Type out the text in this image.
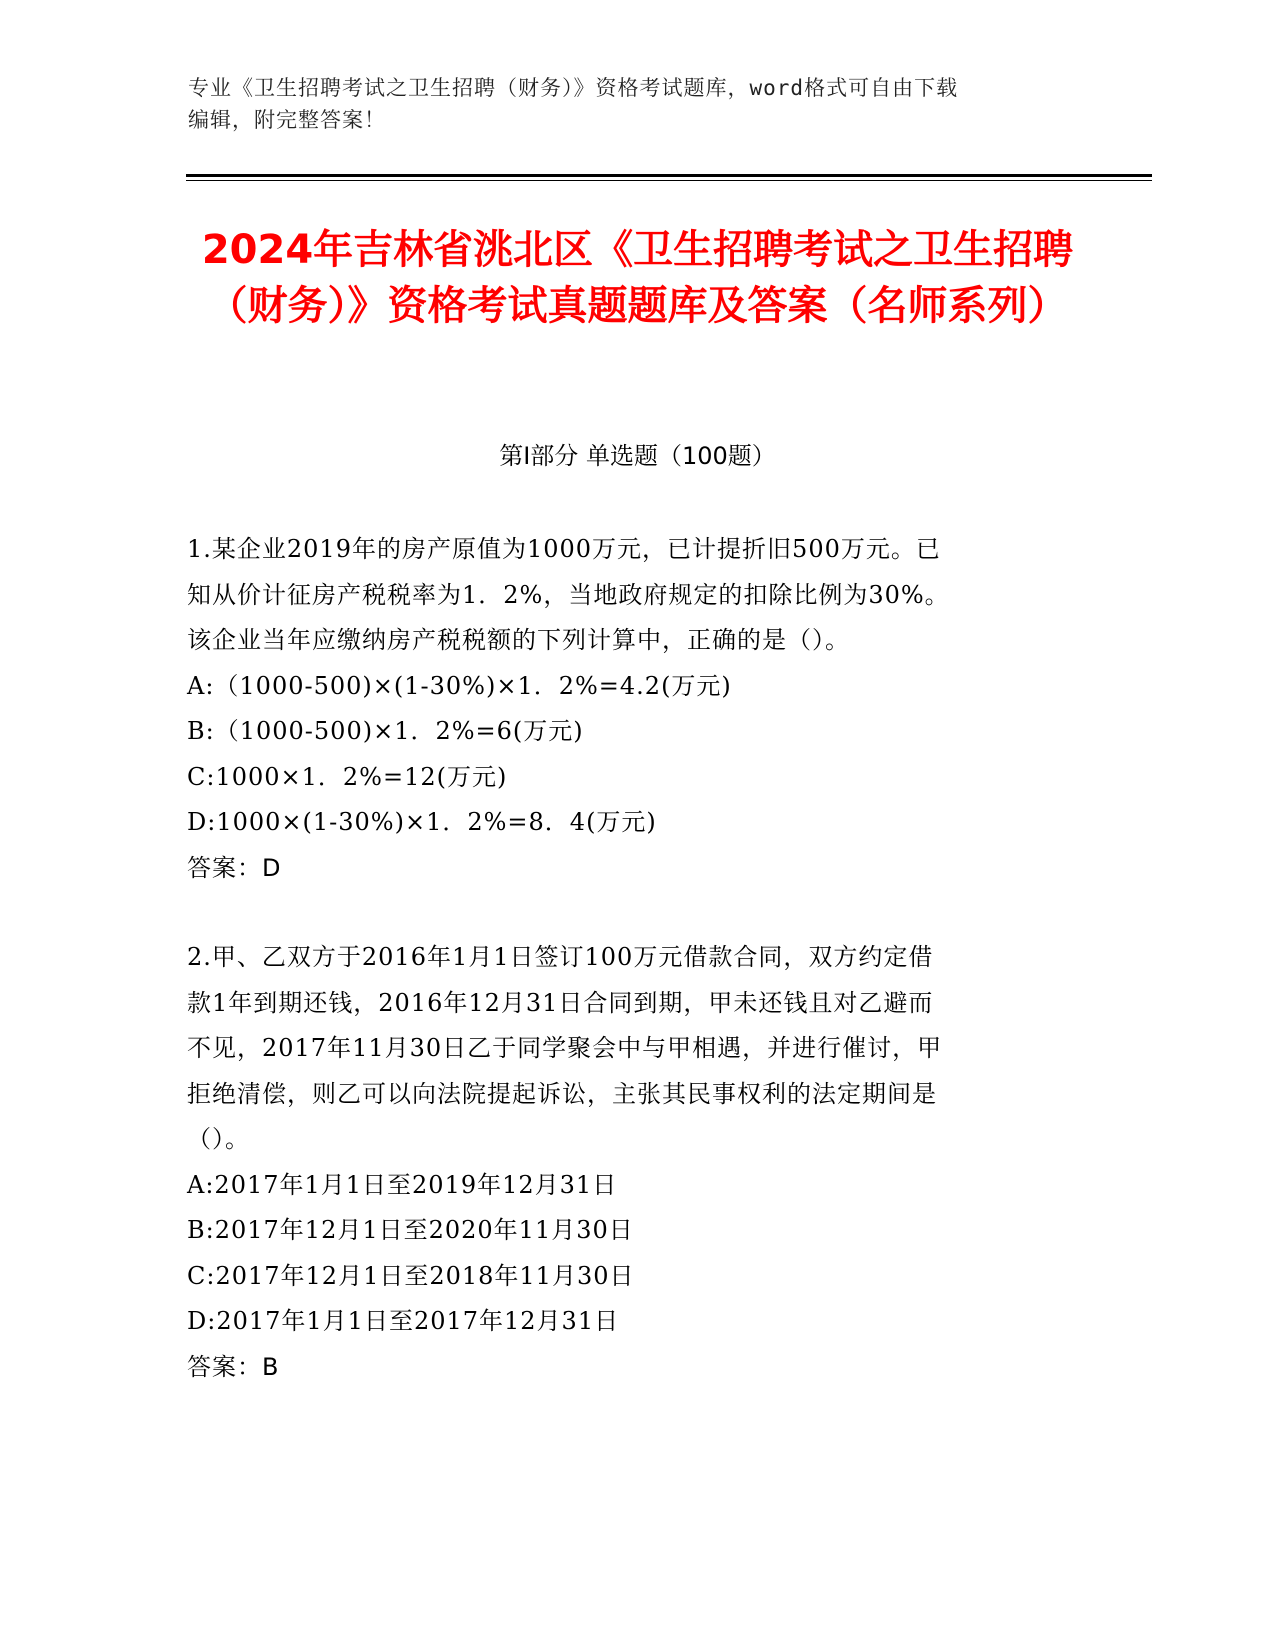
专业《卫生招聘考试之卫生招聘（财务）》资格考试题库，word格式可自由下载
编辑，附完整答案！
2024年吉林省洮北区《卫生招聘考试之卫生招聘（财务）》资格考试真题题库及答案（名师系列）
第Ⅰ部分 单选题（100题）
1.某企业2019年的房产原值为1000万元，已计提折旧500万元。已
知从价计征房产税税率为1．2%，当地政府规定的扣除比例为30%。
该企业当年应缴纳房产税税额的下列计算中，正确的是（）。
A:（1000-500)×(1-30%)×1．2%=4.2(万元)
B:（1000-500)×1．2%=6(万元)
C:1000×1．2%=12(万元)
D:1000×(1-30%)×1．2%=8．4(万元)
答案：D
2.甲、乙双方于2016年1月1日签订100万元借款合同，双方约定借
款1年到期还钱，2016年12月31日合同到期，甲未还钱且对乙避而
不见，2017年11月30日乙于同学聚会中与甲相遇，并进行催讨，甲
拒绝清偿，则乙可以向法院提起诉讼，主张其民事权利的法定期间是
（）。
A:2017年1月1日至2019年12月31日
B:2017年12月1日至2020年11月30日
C:2017年12月1日至2018年11月30日
D:2017年1月1日至2017年12月31日
答案：B
